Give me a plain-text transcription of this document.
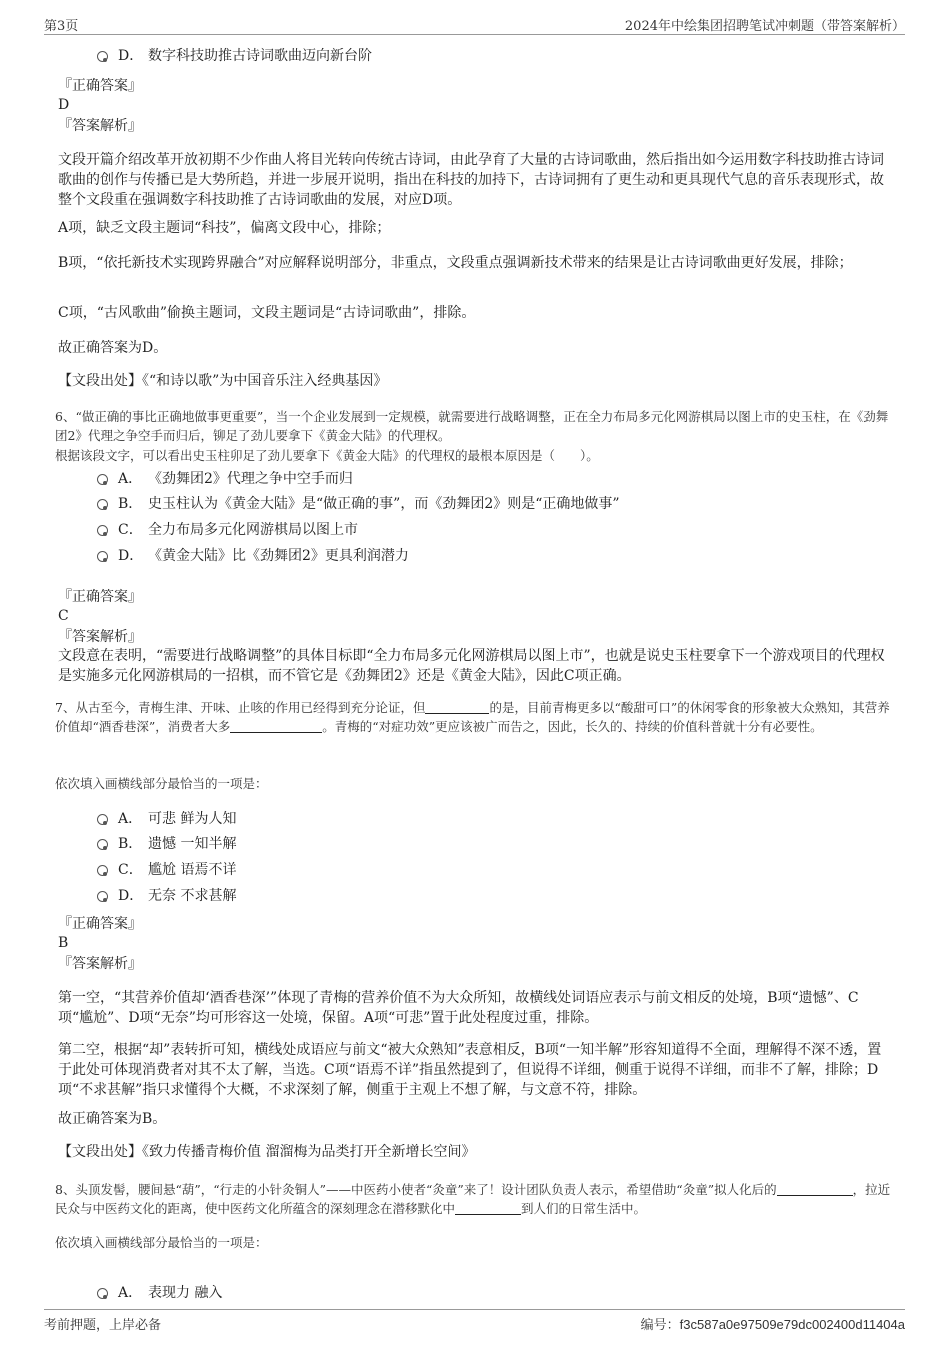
第3页	2024年中绘集团招聘笔试冲刺题（带答案解析）
D． 数字科技助推古诗词歌曲迈向新台阶
『正确答案』
D
『答案解析』
文段开篇介绍改革开放初期不少作曲人将目光转向传统古诗词，由此孕育了大量的古诗词歌曲，然后指出如今运用数字科技助推古诗词歌曲的创作与传播已是大势所趋，并进一步展开说明，指出在科技的加持下，古诗词拥有了更生动和更具现代气息的音乐表现形式，故整个文段重在强调数字科技助推了古诗词歌曲的发展，对应D项。
A项，缺乏文段主题词“科技”，偏离文段中心，排除；
B项，“依托新技术实现跨界融合”对应解释说明部分，非重点，文段重点强调新技术带来的结果是让古诗词歌曲更好发展，排除；
C项，“古风歌曲”偷换主题词，文段主题词是“古诗词歌曲”，排除。
故正确答案为D。
【文段出处】《“和诗以歌”为中国音乐注入经典基因》
6、“做正确的事比正确地做事更重要”，当一个企业发展到一定规模，就需要进行战略调整，正在全力布局多元化网游棋局以图上市的史玉柱，在《劲舞团2》代理之争空手而归后，铆足了劲儿要拿下《黄金大陆》的代理权。
根据该段文字，可以看出史玉柱卯足了劲儿要拿下《黄金大陆》的代理权的最根本原因是（　　）。
A． 《劲舞团2》代理之争中空手而归
B． 史玉柱认为《黄金大陆》是“做正确的事”，而《劲舞团2》则是“正确地做事”
C． 全力布局多元化网游棋局以图上市
D． 《黄金大陆》比《劲舞团2》更具利润潜力
『正确答案』
C
『答案解析』
文段意在表明，“需要进行战略调整”的具体目标即“全力布局多元化网游棋局以图上市”，也就是说史玉柱要拿下一个游戏项目的代理权是实施多元化网游棋局的一招棋，而不管它是《劲舞团2》还是《黄金大陆》，因此C项正确。
7、从古至今，青梅生津、开味、止咳的作用已经得到充分论证，但	的是，目前青梅更多以“酸甜可口”的休闲零食的形象被大众熟知，其营养价值却“酒香巷深”，消费者大多	。青梅的“对症功效”更应该被广而告之，因此，长久的、持续的价值科普就十分有必要性。
依次填入画横线部分最恰当的一项是：
A． 可悲 鲜为人知
B． 遗憾 一知半解
C． 尴尬 语焉不详
D． 无奈 不求甚解
『正确答案』
B
『答案解析』
第一空，“其营养价值却‘酒香巷深’”体现了青梅的营养价值不为大众所知，故横线处词语应表示与前文相反的处境，B项“遗憾”、C项“尴尬”、D项“无奈”均可形容这一处境，保留。A项“可悲”置于此处程度过重，排除。
第二空，根据“却”表转折可知，横线处成语应与前文“被大众熟知”表意相反，B项“一知半解”形容知道得不全面，理解得不深不透，置于此处可体现消费者对其不太了解，当选。C项“语焉不详”指虽然提到了，但说得不详细，侧重于说得不详细，而非不了解，排除；D项“不求甚解”指只求懂得个大概，不求深刻了解，侧重于主观上不想了解，与文意不符，排除。
故正确答案为B。
【文段出处】《致力传播青梅价值 溜溜梅为品类打开全新增长空间》
8、头顶发髻，腰间悬“葫”，“行走的小针灸铜人”——中医药小使者“灸童”来了！设计团队负责人表示，希望借助“灸童”拟人化后的	，拉近民众与中医药文化的距离，使中医药文化所蕴含的深刻理念在潜移默化中	到人们的日常生活中。
依次填入画横线部分最恰当的一项是：
A． 表现力 融入
考前押题，上岸必备	编号：f3c587a0e97509e79dc002400d11404a
